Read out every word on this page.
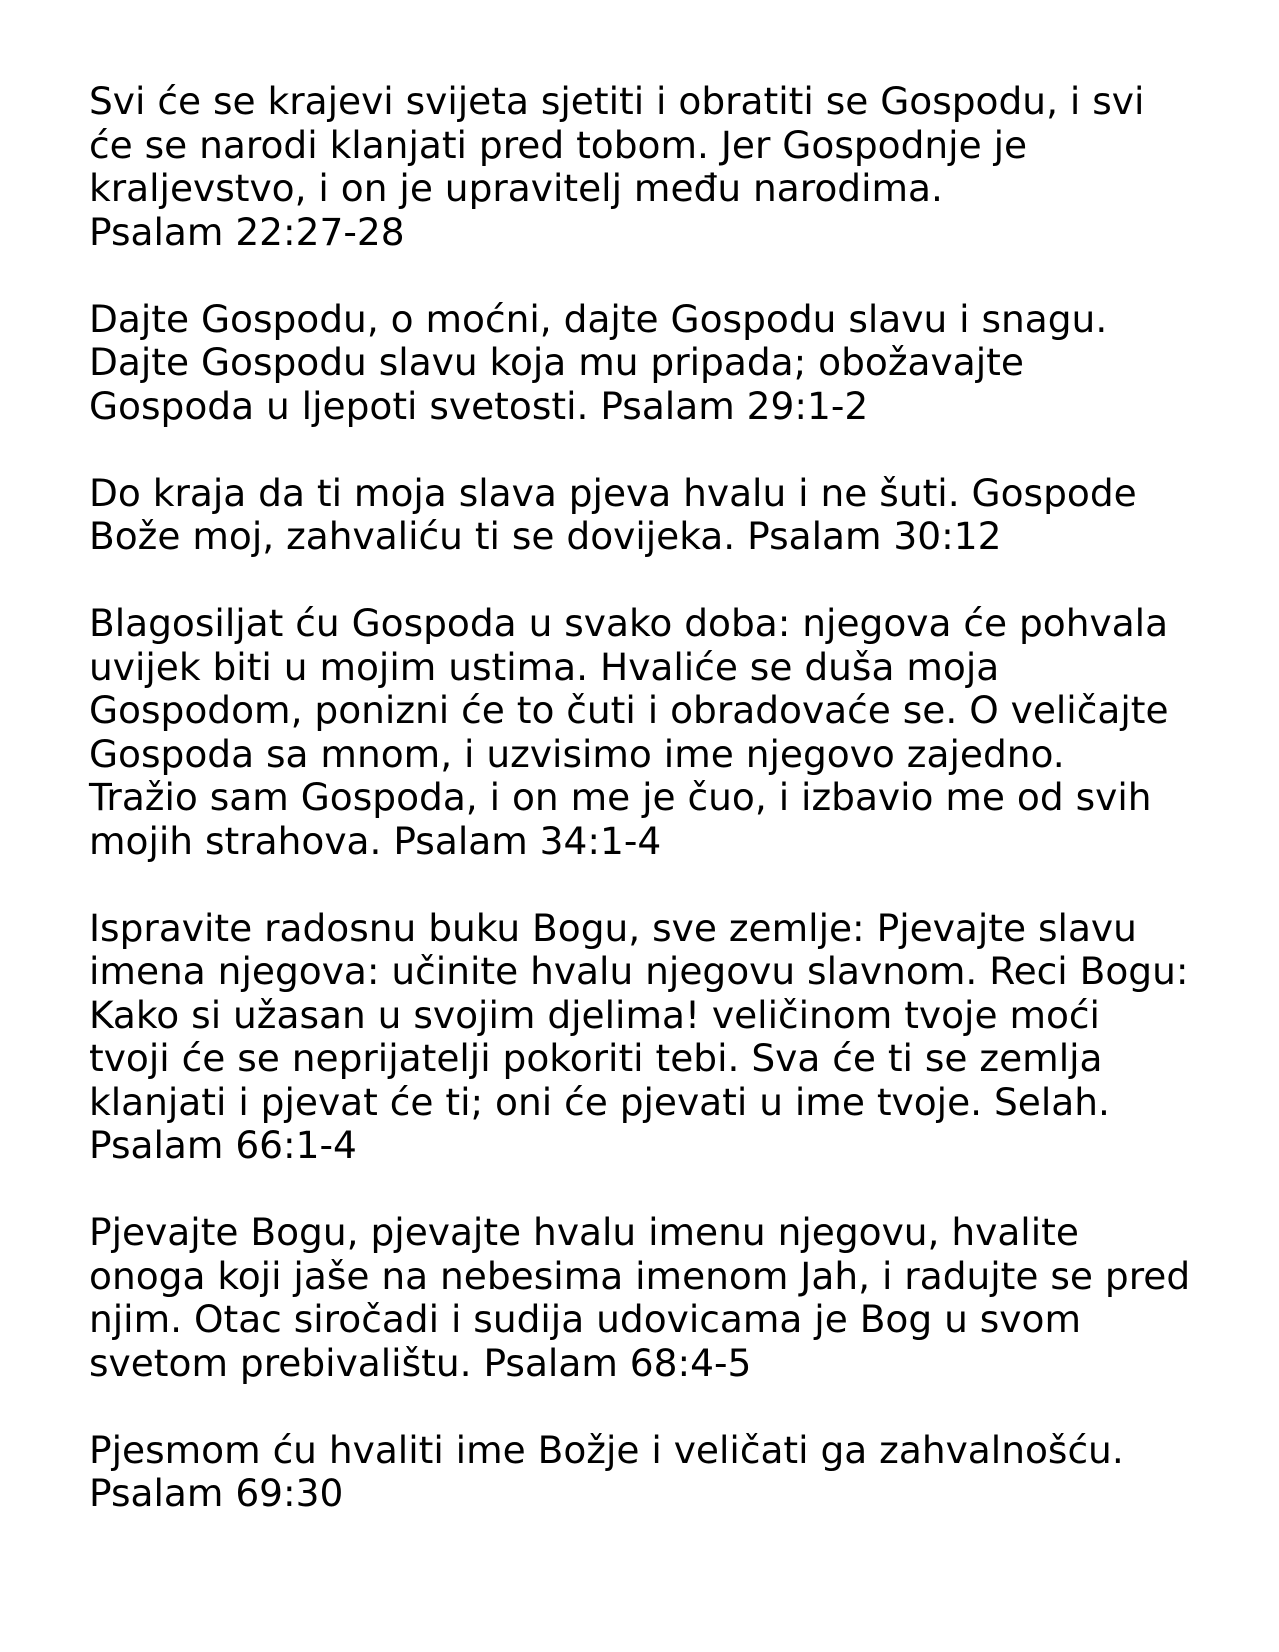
Svi će se krajevi svijeta sjetiti i obratiti se Gospodu, i svi
će se narodi klanjati pred tobom. Jer Gospodnje je
kraljevstvo, i on je upravitelj među narodima.
Psalam 22:27-28

Dajte Gospodu, o moćni, dajte Gospodu slavu i snagu.
Dajte Gospodu slavu koja mu pripada; obožavajte
Gospoda u ljepoti svetosti. Psalam 29:1-2

Do kraja da ti moja slava pjeva hvalu i ne šuti. Gospode
Bože moj, zahvaliću ti se dovijeka. Psalam 30:12

Blagosiljat ću Gospoda u svako doba: njegova će pohvala
uvijek biti u mojim ustima. Hvaliće se duša moja
Gospodom, ponizni će to čuti i obradovaće se. O veličajte
Gospoda sa mnom, i uzvisimo ime njegovo zajedno.
Tražio sam Gospoda, i on me je čuo, i izbavio me od svih
mojih strahova. Psalam 34:1-4

Ispravite radosnu buku Bogu, sve zemlje: Pjevajte slavu
imena njegova: učinite hvalu njegovu slavnom. Reci Bogu:
Kako si užasan u svojim djelima! veličinom tvoje moći
tvoji će se neprijatelji pokoriti tebi. Sva će ti se zemlja
klanjati i pjevat će ti; oni će pjevati u ime tvoje. Selah.
Psalam 66:1-4

Pjevajte Bogu, pjevajte hvalu imenu njegovu, hvalite
onoga koji jaše na nebesima imenom Jah, i radujte se pred
njim. Otac siročadi i sudija udovicama je Bog u svom
svetom prebivalištu. Psalam 68:4-5

Pjesmom ću hvaliti ime Božje i veličati ga zahvalnošću.
Psalam 69:30
